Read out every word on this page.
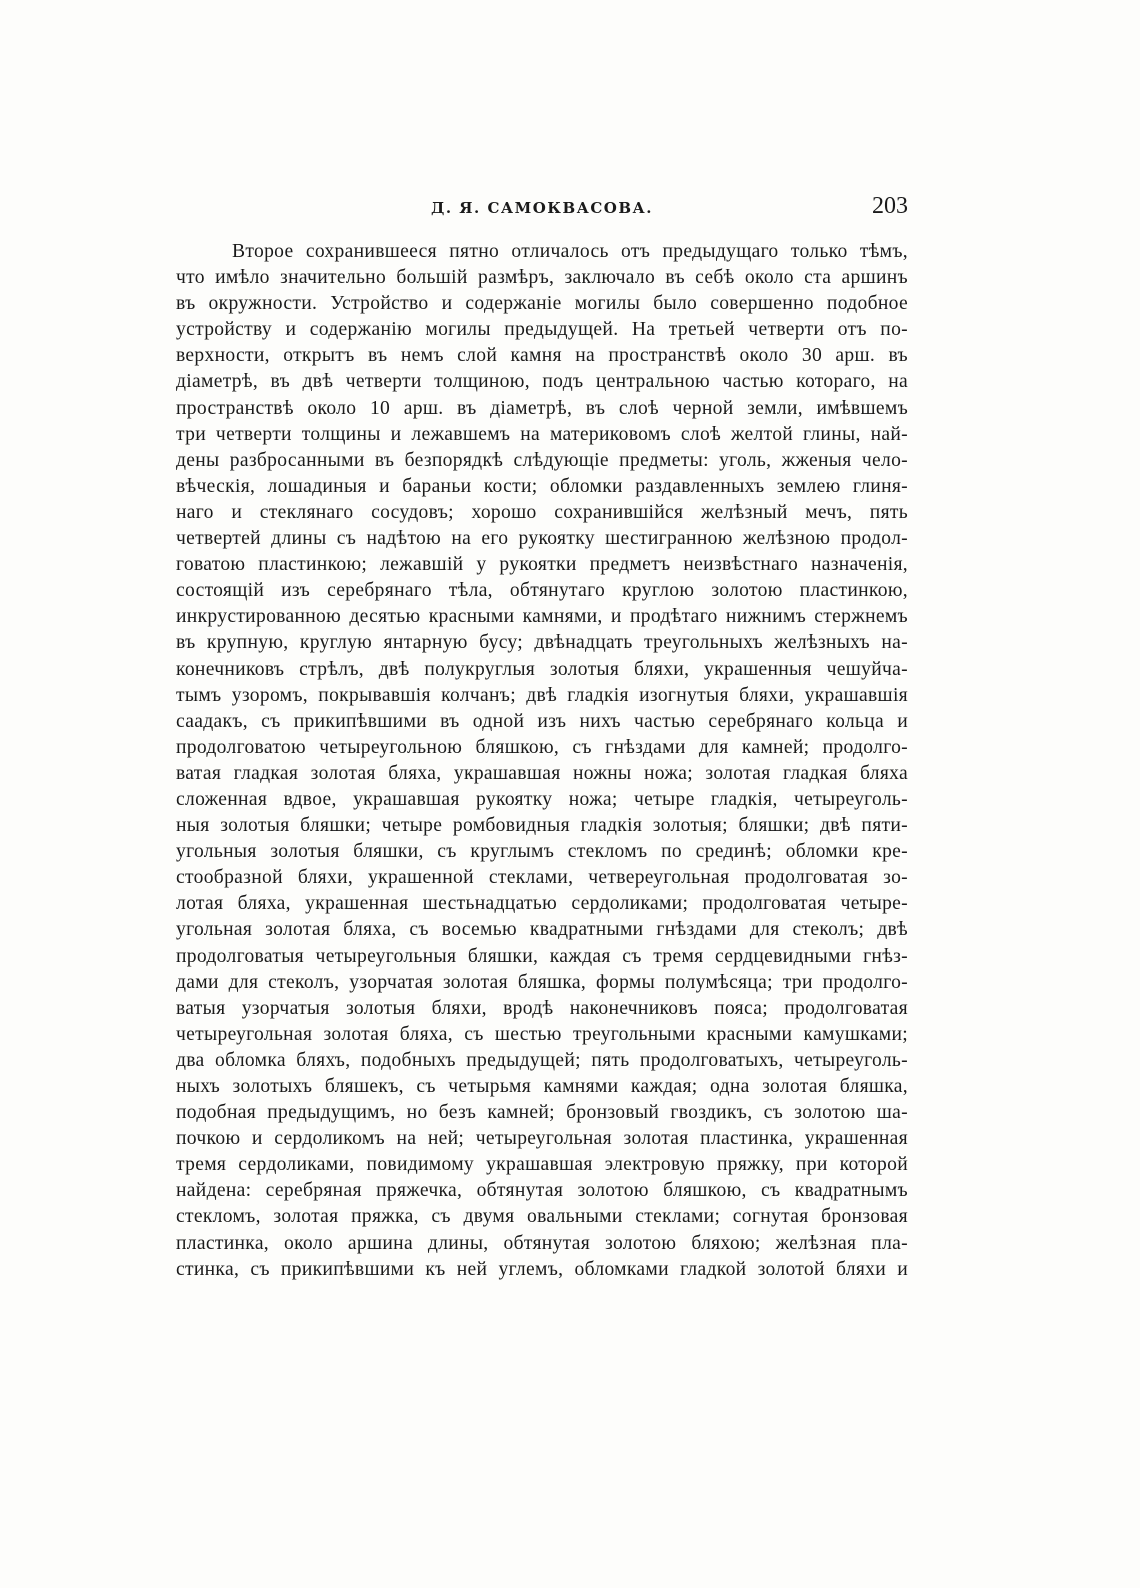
Д. Я. САМОКВАСОВА.	203
Второе сохранившееся пятно отличалось отъ предыдущаго только тѣмъ,
что имѣло значительно большій размѣръ, заключало въ себѣ около ста аршинъ
въ окружности. Устройство и содержаніе могилы было совершенно подобное
устройству и содержанію могилы предыдущей. На третьей четверти отъ по-
верхности, открытъ въ немъ слой камня на пространствѣ около 30 арш. въ
діаметрѣ, въ двѣ четверти толщиною, подъ центральною частью котораго, на
пространствѣ около 10 арш. въ діаметрѣ, въ слоѣ черной земли, имѣвшемъ
три четверти толщины и лежавшемъ на материковомъ слоѣ желтой глины, най-
дены разбросанными въ безпорядкѣ слѣдующіе предметы: уголь, жженыя чело-
вѣческія, лошадиныя и бараньи кости; обломки раздавленныхъ землею глиня-
наго и стеклянаго сосудовъ; хорошо сохранившійся желѣзный мечъ, пять
четвертей длины съ надѣтою на его рукоятку шестигранною желѣзною продол-
говатою пластинкою; лежавшій у рукоятки предметъ неизвѣстнаго назначенія,
состоящій изъ серебрянаго тѣла, обтянутаго круглою золотою пластинкою,
инкрустированною десятью красными камнями, и продѣтаго нижнимъ стержнемъ
въ крупную, круглую янтарную бусу; двѣнадцать треугольныхъ желѣзныхъ на-
конечниковъ стрѣлъ, двѣ полукруглыя золотыя бляхи, украшенныя чешуйча-
тымъ узоромъ, покрывавшія колчанъ; двѣ гладкія изогнутыя бляхи, украшавшія
саадакъ, съ прикипѣвшими въ одной изъ нихъ частью серебрянаго кольца и
продолговатою четыреугольною бляшкою, съ гнѣздами для камней; продолго-
ватая гладкая золотая бляха, украшавшая ножны ножа; золотая гладкая бляха
сложенная вдвое, украшавшая рукоятку ножа; четыре гладкія, четыреуголь-
ныя золотыя бляшки; четыре ромбовидныя гладкія золотыя; бляшки; двѣ пяти-
угольныя золотыя бляшки, съ круглымъ стекломъ по срединѣ; обломки кре-
стообразной бляхи, украшенной стеклами, четвереугольная продолговатая зо-
лотая бляха, украшенная шестьнадцатью сердоликами; продолговатая четыре-
угольная золотая бляха, съ восемью квадратными гнѣздами для стеколъ; двѣ
продолговатыя четыреугольныя бляшки, каждая съ тремя сердцевидными гнѣз-
дами для стеколъ, узорчатая золотая бляшка, формы полумѣсяца; три продолго-
ватыя узорчатыя золотыя бляхи, вродѣ наконечниковъ пояса; продолговатая
четыреугольная золотая бляха, съ шестью треугольными красными камушками;
два обломка бляхъ, подобныхъ предыдущей; пять продолговатыхъ, четыреуголь-
ныхъ золотыхъ бляшекъ, съ четырьмя камнями каждая; одна золотая бляшка,
подобная предыдущимъ, но безъ камней; бронзовый гвоздикъ, съ золотою ша-
почкою и сердоликомъ на ней; четыреугольная золотая пластинка, украшенная
тремя сердоликами, повидимому украшавшая электровую пряжку, при которой
найдена: серебряная пряжечка, обтянутая золотою бляшкою, съ квадратнымъ
стекломъ, золотая пряжка, съ двумя овальными стеклами; согнутая бронзовая
пластинка, около аршина длины, обтянутая золотою бляхою; желѣзная пла-
стинка, съ прикипѣвшими къ ней углемъ, обломками гладкой золотой бляхи и
